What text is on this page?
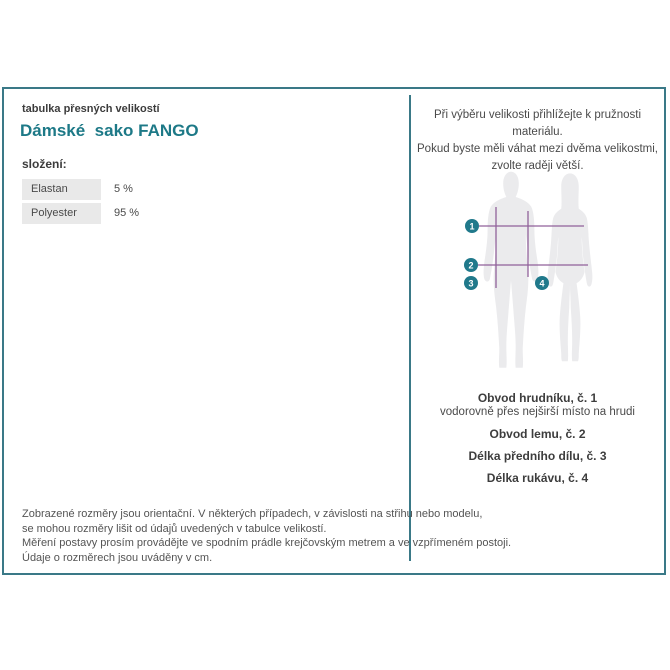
tabulka přesných velikostí
Dámské  sako FANGO
složení:
Elastan	5 %
Polyester	95 %
Zobrazené rozměry jsou orientační. V některých případech, v závislosti na střihu nebo modelu,
se mohou rozměry lišit od údajů uvedených v tabulce velikostí.
Měření postavy prosím provádějte ve spodním prádle krejčovským metrem a ve vzpřímeném postoji.
Údaje o rozměrech jsou uváděny v cm.
Při výběru velikosti přihlížejte k pružnosti materiálu.
Pokud byste měli váhat mezi dvěma velikostmi,
zvolte raději větší.
1
2
3	4
Obvod hrudníku, č. 1
vodorovně přes nejširší místo na hrudi
Obvod lemu, č. 2
Délka předního dílu, č. 3
Délka rukávu, č. 4
